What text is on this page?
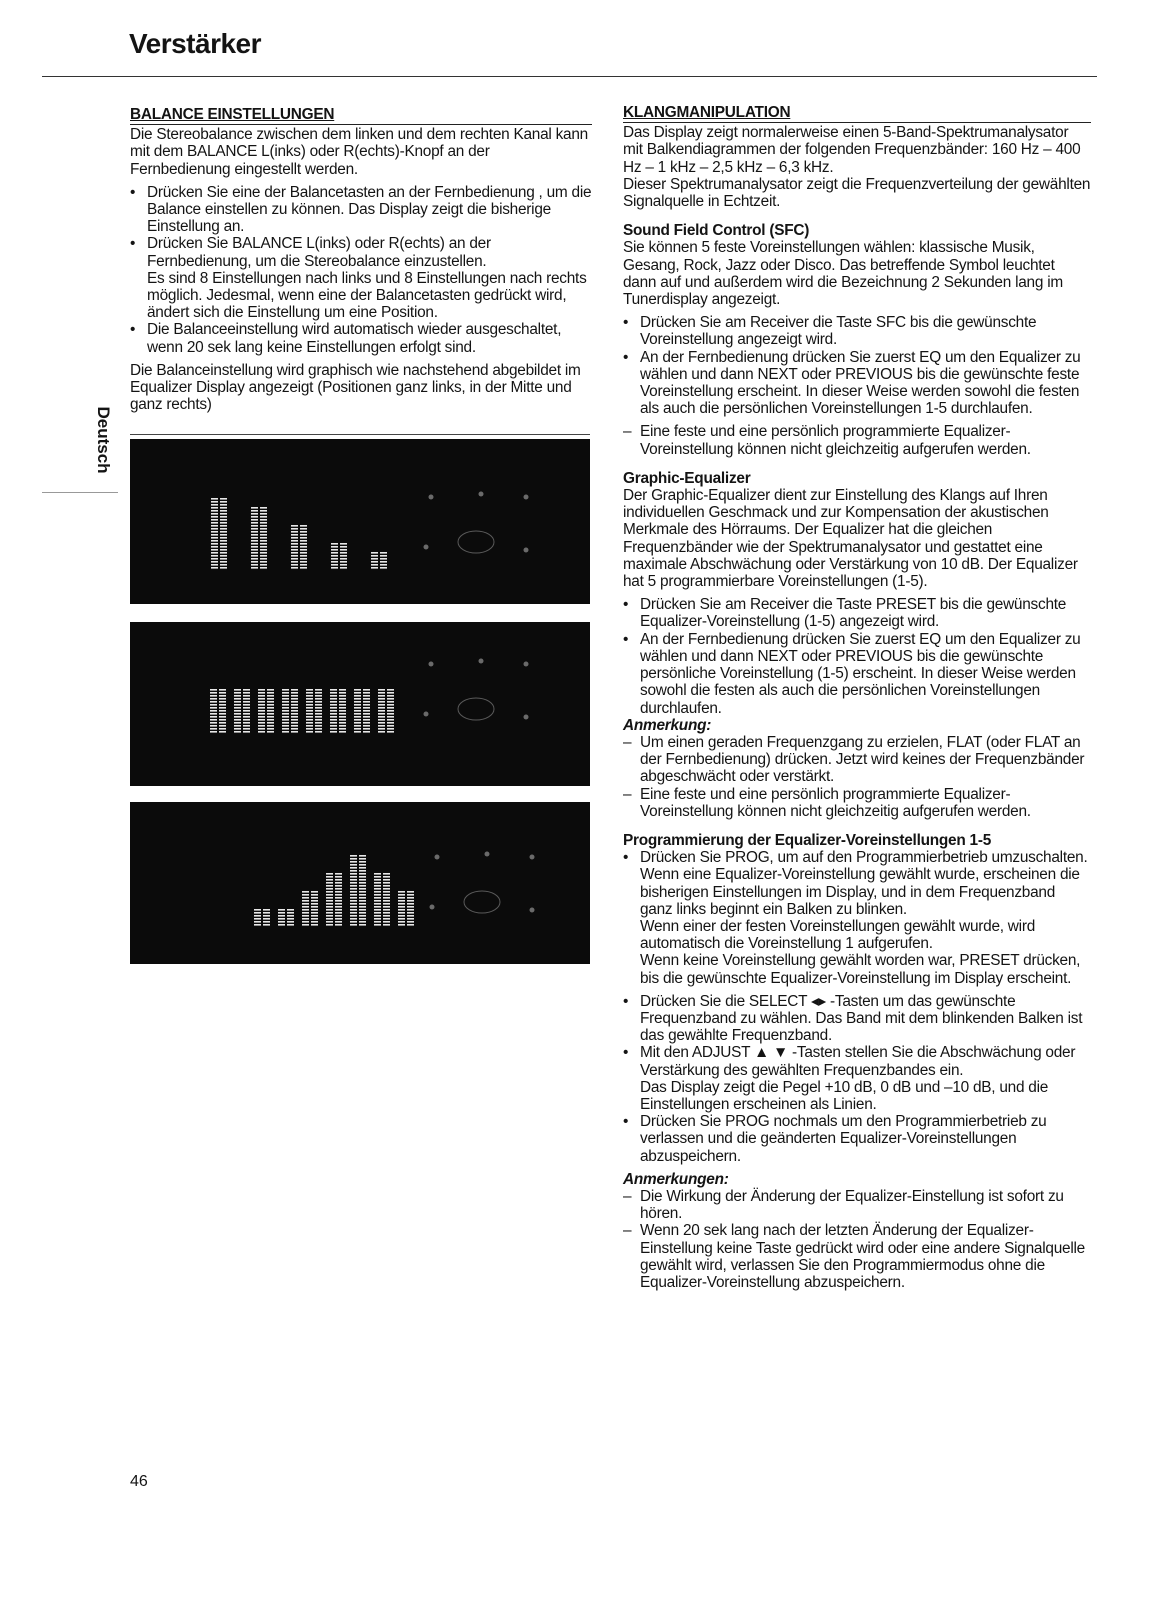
Verstärker
Deutsch
BALANCE EINSTELLUNGEN

Die Stereobalance zwischen dem linken und dem rechten Kanal kann mit dem BALANCE L(inks) oder R(echts)-Knopf an der Fernbedienung eingestellt werden.

• Drücken Sie eine der Balancetasten an der Fernbedienung , um die Balance einstellen zu können. Das Display zeigt die bisherige Einstellung an.
• Drücken Sie BALANCE L(inks) oder R(echts) an der Fernbedienung, um die Stereobalance einzustellen.
Es sind 8 Einstellungen nach links und 8 Einstellungen nach rechts möglich. Jedesmal, wenn eine der Balancetasten gedrückt wird, ändert sich die Einstellung um eine Position.
• Die Balanceeinstellung wird automatisch wieder ausgeschaltet, wenn 20 sek lang keine Einstellungen erfolgt sind.

Die Balanceinstellung wird graphisch wie nachstehend abgebildet im Equalizer Display angezeigt (Positionen ganz links, in der Mitte und ganz rechts)

KLANGMANIPULATION

Das Display zeigt normalerweise einen 5-Band-Spektrumanalysator mit Balkendiagrammen der folgenden Frequenzbänder: 160 Hz – 400 Hz – 1 kHz – 2,5 kHz – 6,3 kHz.

Dieser Spektrumanalysator zeigt die Frequenzverteilung der gewählten Signalquelle in Echtzeit.

Sound Field Control (SFC)

Sie können 5 feste Voreinstellungen wählen: klassische Musik, Gesang, Rock, Jazz oder Disco. Das betreffende Symbol leuchtet dann auf und außerdem wird die Bezeichnung 2 Sekunden lang im Tunerdisplay angezeigt.

• Drücken Sie am Receiver die Taste SFC bis die gewünschte Voreinstellung angezeigt wird.
• An der Fernbedienung drücken Sie zuerst EQ um den Equalizer zu wählen und dann NEXT oder PREVIOUS bis die gewünschte feste Voreinstellung erscheint. In dieser Weise werden sowohl die festen als auch die persönlichen Voreinstellungen 1-5 durchlaufen.
– Eine feste und eine persönlich programmierte Equalizer-Voreinstellung können nicht gleichzeitig aufgerufen werden.
Graphic-Equalizer

Der Graphic-Equalizer dient zur Einstellung des Klangs auf Ihren individuellen Geschmack und zur Kompensation der akustischen Merkmale des Hörraums. Der Equalizer hat die gleichen Frequenzbänder wie der Spektrumanalysator und gestattet eine maximale Abschwächung oder Verstärkung von 10 dB. Der Equalizer hat 5 programmierbare Voreinstellungen (1-5).

• Drücken Sie am Receiver die Taste PRESET bis die gewünschte Equalizer-Voreinstellung (1-5) angezeigt wird.
• An der Fernbedienung drücken Sie zuerst EQ um den Equalizer zu wählen und dann NEXT oder PREVIOUS bis die gewünschte persönliche Voreinstellung (1-5) erscheint. In dieser Weise werden sowohl die festen als auch die persönlichen Voreinstellungen durchlaufen.
Anmerkung:
– Um einen geraden Frequenzgang zu erzielen, FLAT (oder FLAT an der Fernbedienung) drücken. Jetzt wird keines der Frequenzbänder abgeschwächt oder verstärkt.
– Eine feste und eine persönlich programmierte Equalizer-Voreinstellung können nicht gleichzeitig aufgerufen werden.
Programmierung der Equalizer-Voreinstellungen 1-5
• Drücken Sie PROG, um auf den Programmierbetrieb umzuschalten.
Wenn eine Equalizer-Voreinstellung gewählt wurde, erscheinen die bisherigen Einstellungen im Display, und in dem Frequenzband ganz links beginnt ein Balken zu blinken.
Wenn einer der festen Voreinstellungen gewählt wurde, wird automatisch die Voreinstellung 1 aufgerufen.
Wenn keine Voreinstellung gewählt worden war, PRESET drücken, bis die gewünschte Equalizer-Voreinstellung im Display erscheint.
• Drücken Sie die SELECT ◂▸ -Tasten um das gewünschte Frequenzband zu wählen. Das Band mit dem blinkenden Balken ist das gewählte Frequenzband.
• Mit den ADJUST ▲ ▼ -Tasten stellen Sie die Abschwächung oder Verstärkung des gewählten Frequenzbandes ein.
Das Display zeigt die Pegel +10 dB, 0 dB und –10 dB, und die Einstellungen erscheinen als Linien.
• Drücken Sie PROG nochmals um den Programmierbetrieb zu verlassen und die geänderten Equalizer-Voreinstellungen abzuspeichern.
Anmerkungen:
– Die Wirkung der Änderung der Equalizer-Einstellung ist sofort zu hören.
– Wenn 20 sek lang nach der letzten Änderung der Equalizer-Einstellung keine Taste gedrückt wird oder eine andere Signalquelle gewählt wird, verlassen Sie den Programmiermodus ohne die Equalizer-Voreinstellung abzuspeichern.
46
